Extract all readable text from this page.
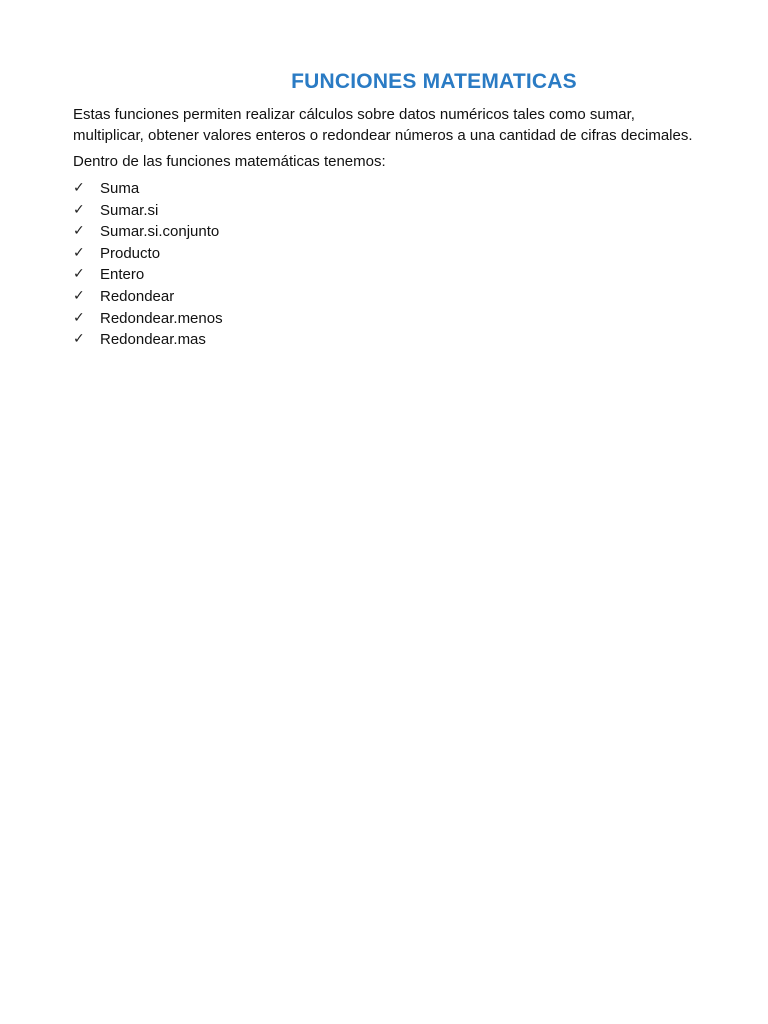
FUNCIONES MATEMATICAS

Estas funciones permiten realizar cálculos sobre datos numéricos tales como sumar,
multiplicar, obtener valores enteros o redondear números a una cantidad de cifras decimales.

Dentro de las funciones matemáticas tenemos:

✓	Suma
✓	Sumar.si
✓	Sumar.si.conjunto
✓	Producto
✓	Entero
✓	Redondear
✓	Redondear.menos
✓	Redondear.mas
